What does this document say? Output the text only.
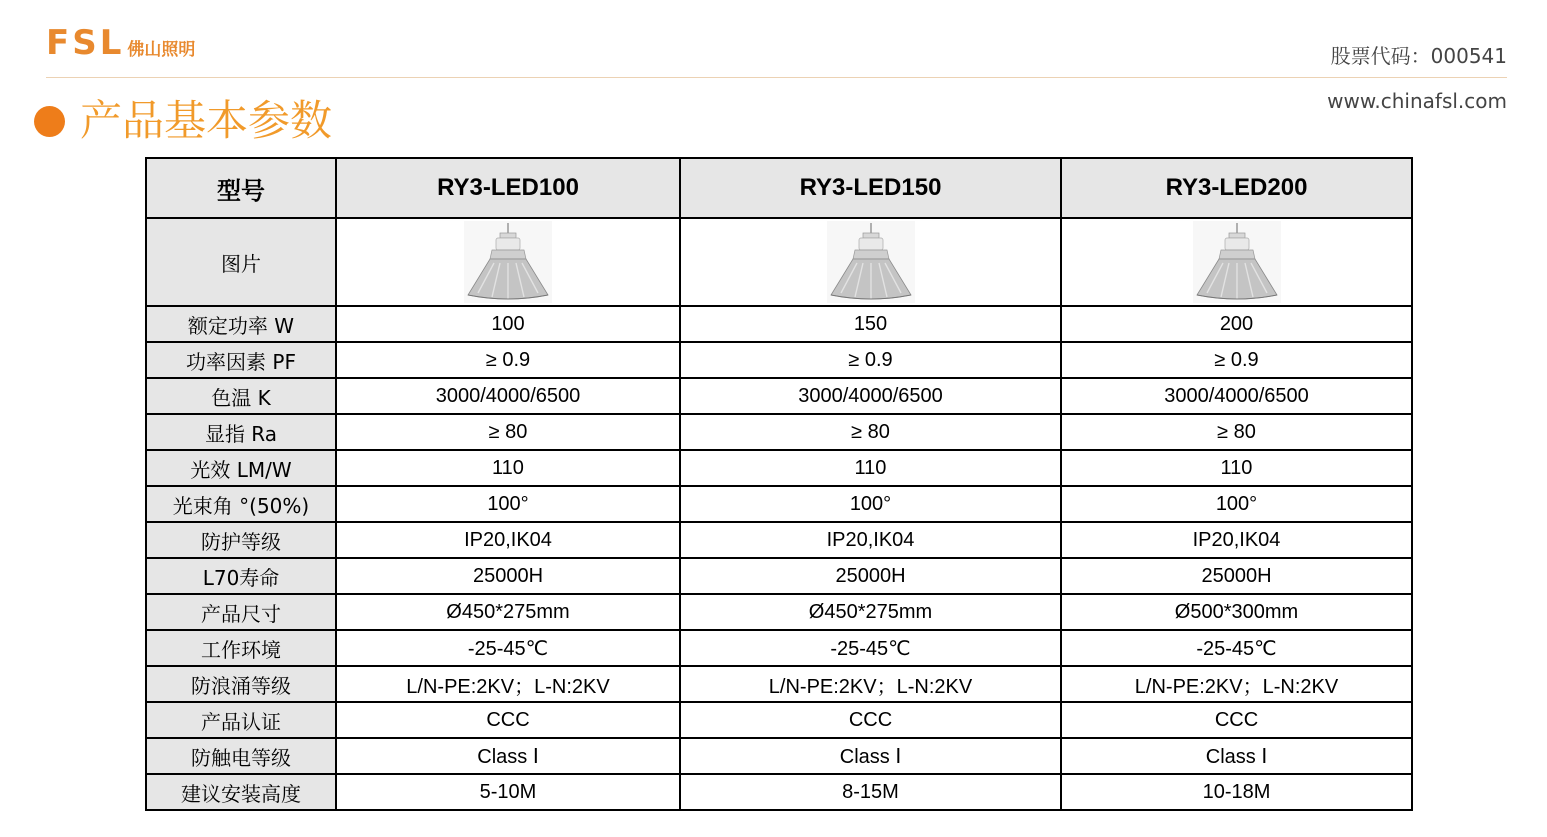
FSL 佛山照明	股票代码：000541
www.chinafsl.com
产品基本参数
型号	RY3-LED100	RY3-LED150	RY3-LED200
图片			
额定功率 W	100	150	200
功率因素 PF	≥ 0.9	≥ 0.9	≥ 0.9
色温 K	3000/4000/6500	3000/4000/6500	3000/4000/6500
显指 Ra	≥ 80	≥ 80	≥ 80
光效 LM/W	110	110	110
光束角 °(50%)	100°	100°	100°
防护等级	IP20,IK04	IP20,IK04	IP20,IK04
L70寿命	25000H	25000H	25000H
产品尺寸	Ø450*275mm	Ø450*275mm	Ø500*300mm
工作环境	-25-45℃	-25-45℃	-25-45℃
防浪涌等级	L/N-PE:2KV；L-N:2KV	L/N-PE:2KV；L-N:2KV	L/N-PE:2KV；L-N:2KV
产品认证	CCC	CCC	CCC
防触电等级	Class Ⅰ	Class Ⅰ	Class Ⅰ
建议安装高度	5-10M	8-15M	10-18M
